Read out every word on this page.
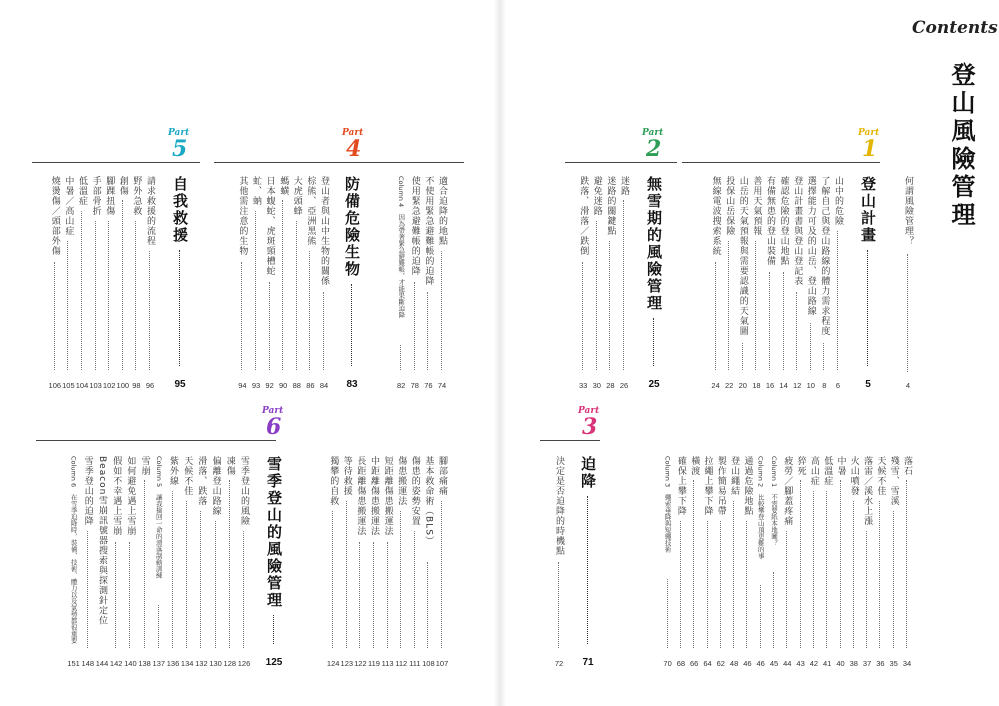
Contents
登山風險管理
何謂風險管理？
4
Part
1
登山計畫
5
山中的危險
6
了解自己與登山路線的體力需求程度
8
選擇能力可及的山岳、登山路線
10
登山計畫書與登山登記表
12
確認危險的登山地點
14
有備無患的登山裝備
16
善用天氣預報
18
山岳的天氣預報與需要認識的天氣圖
20
投保山岳保險
22
無線電波搜索系統
24
Part
2
無雪期的風險管理
25
迷路
26
迷路的關鍵點
28
避免迷路
30
跌落、滑落／跌倒
33
落石
34
殘雪、雪溪
35
天候不佳
36
落雷／溪水上漲
37
火山噴發
38
中暑
40
低溫症
41
高山症
42
猝死
43
疲勞／腳蓋疼痛
44
Column 1　不需要紙本地圖？
45
Column 2　比較攀登山頂更難的事
46
通過危險地點
46
登山繩結
48
製作簡易吊帶
62
拉繩上攀下降
64
橫渡
66
確保上攀下降
68
Column 3　繩索垂降與短繩技術
70
Part
3
迫降
71
決定是否迫降的時機點
72
Part
4
適合迫降的地點
74
不使用緊急避難帳的迫降
76
使用緊急避難帳的迫降
78
Column 4　因為帶著緊急避難帳，才能果斷迫降
82
防備危險生物
83
登山者與山中生物的關係
84
棕熊、亞洲黑熊
86
大虎頭蜂
88
螞蟥
90
日本蝮蛇、虎斑頸槽蛇
92
虻、蚋
93
其他需注意的生物
94
Part
5
自我救援
95
請求救援的流程
96
野外急救
98
創傷
100
腳踝扭傷
102
手部骨折
103
低溫症
104
中暑／高山症
105
燒燙傷／頭部外傷
106
腳部痛痛
107
基本救命術（BLS）
108
傷患的姿勢安置
111
傷患搬運法
112
短距離傷患搬運法
113
中距離傷患搬運法
119
長距離傷患搬運法
122
等待救援
123
獨攀的自救
124
Part
6
雪季登山的風險管理
125
雪季登山的風險
126
凍傷
128
偏離登山路線
130
滑落、跌落
132
天候不佳
134
紫外線
136
Column 5　讓我撿回一命的滑落制動訓練
137
雪崩
138
如何避免遇上雪崩
140
假如不幸遇上雪崩
142
Beacon雪崩訊號器搜索與探測針定位
144
雪季登山的迫降
148
Column 6　在雪季迫降時，裝備、技術、體力以及氣勢都很重要
151
